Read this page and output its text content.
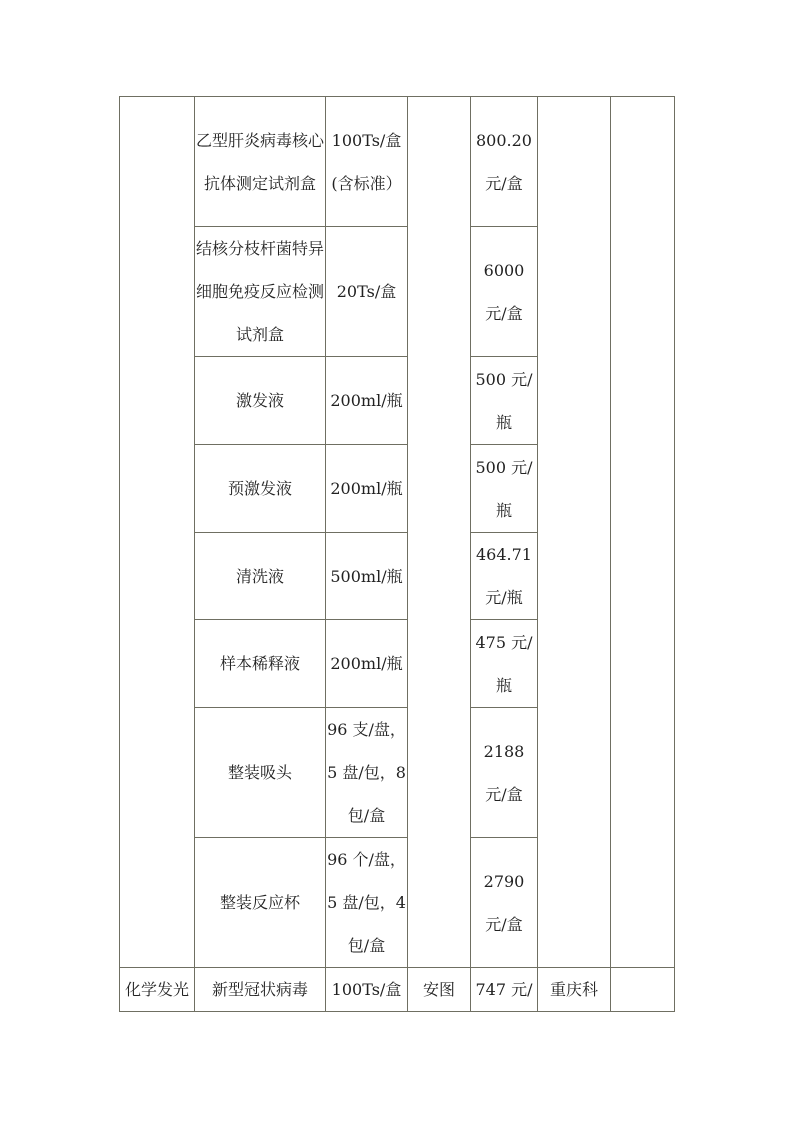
	乙型肝炎病毒核心抗体测定试剂盒	100Ts/盒(含标准）		800.20元/盒		
	结核分枝杆菌特异细胞免疫反应检测试剂盒	20Ts/盒		6000 元/盒		
	激发液	200ml/瓶		500 元/瓶		
	预激发液	200ml/瓶		500 元/瓶		
	清洗液	500ml/瓶		464.71元/瓶		
	样本稀释液	200ml/瓶		475 元/瓶		
	整装吸头	96 支/盘，5 盘/包，8包/盒		2188 元/盒		
	整装反应杯	96 个/盘，5 盘/包，4包/盒		2790 元/盒		
化学发光	新型冠状病毒	100Ts/盒	安图	747 元/	重庆科	
